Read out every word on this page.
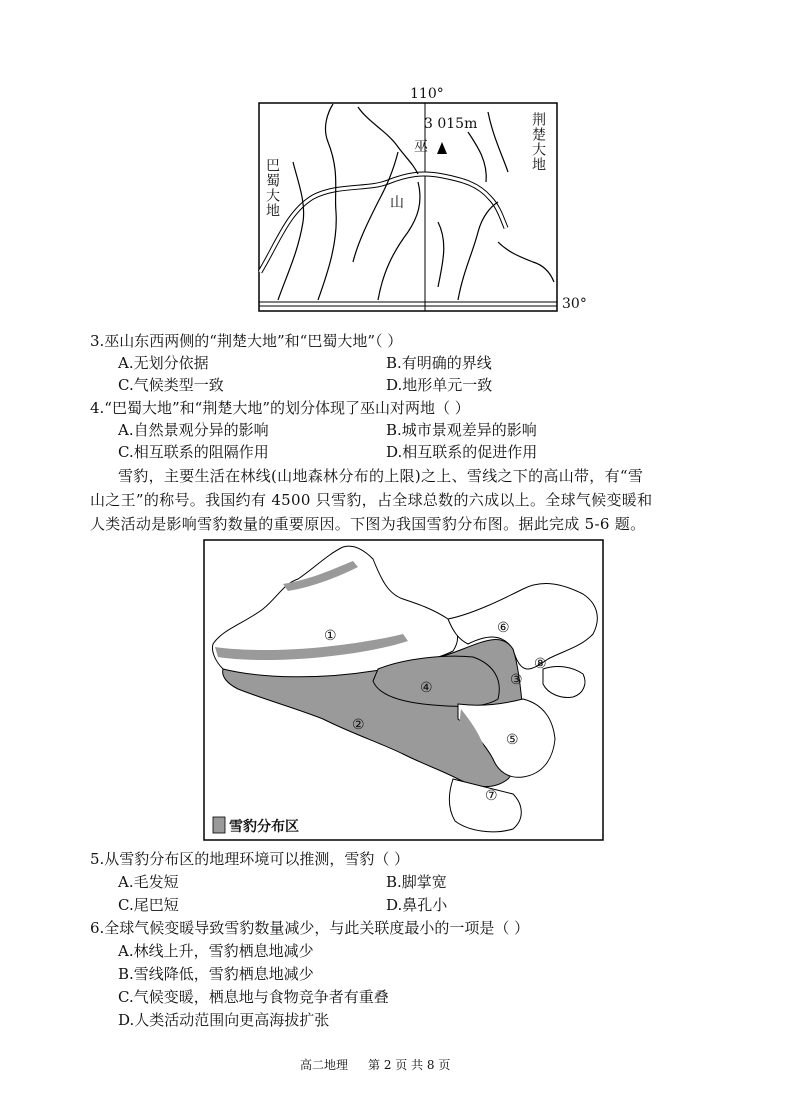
110°
30°
3 015m
巴蜀大地
荆楚大地
巫
山
3.巫山东西两侧的“荆楚大地”和“巴蜀大地”（ ）
A.无划分依据	B.有明确的界线
C.气候类型一致	D.地形单元一致
4.“巴蜀大地”和“荆楚大地”的划分体现了巫山对两地（ ）
A.自然景观分异的影响	B.城市景观差异的影响
C.相互联系的阻隔作用	D.相互联系的促进作用
雪豹，主要生活在林线(山地森林分布的上限)之上、雪线之下的高山带，有“雪
山之王”的称号。我国约有 4500 只雪豹，占全球总数的六成以上。全球气候变暖和
人类活动是影响雪豹数量的重要原因。下图为我国雪豹分布图。据此完成 5-6 题。
①
②
③
④
⑤
⑥
⑦
⑧
雪豹分布区
5.从雪豹分布区的地理环境可以推测，雪豹（ ）
A.毛发短	B.脚掌宽
C.尾巴短	D.鼻孔小
6.全球气候变暖导致雪豹数量减少，与此关联度最小的一项是（ ）
A.林线上升，雪豹栖息地减少
B.雪线降低，雪豹栖息地减少
C.气候变暖，栖息地与食物竞争者有重叠
D.人类活动范围向更高海拔扩张
高二地理 第 2 页 共 8 页
